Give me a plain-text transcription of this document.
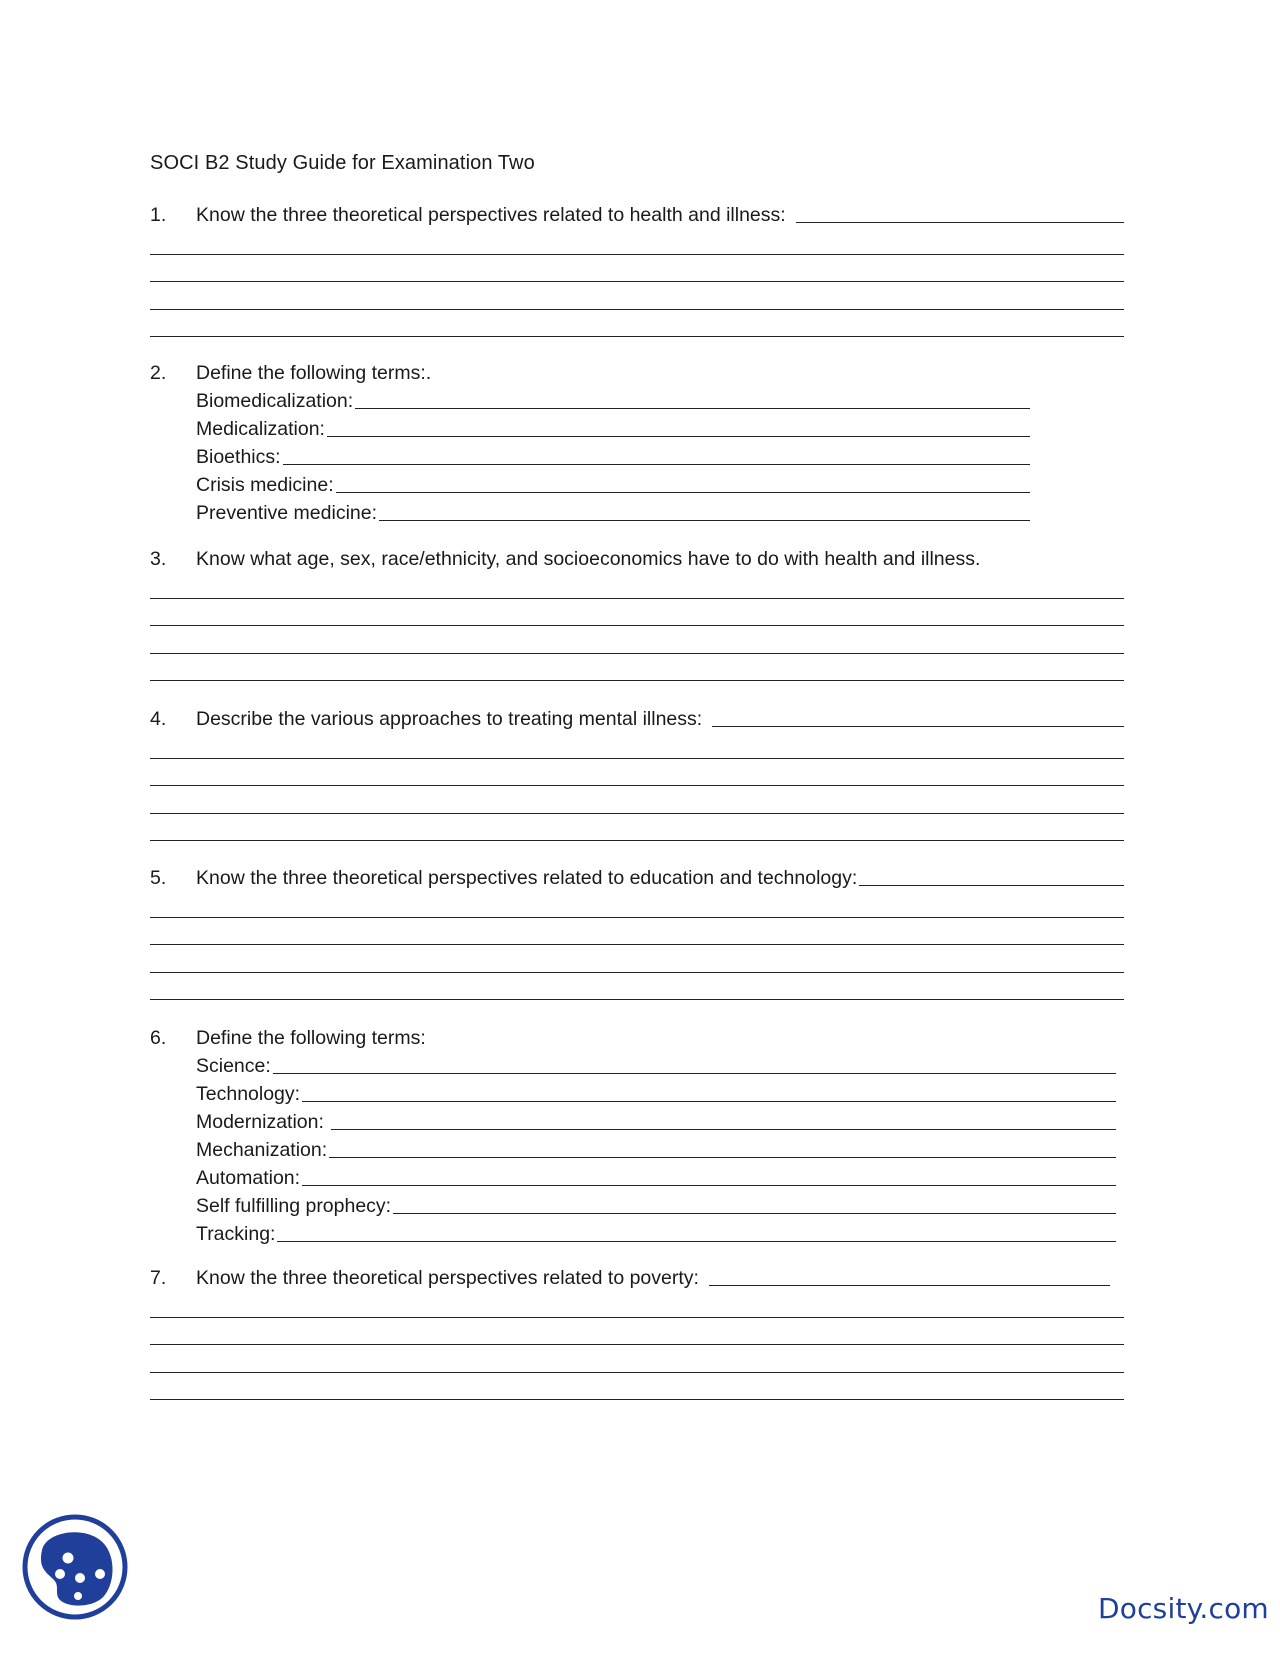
SOCI B2 Study Guide for Examination Two
1.	Know the three theoretical perspectives related to health and illness:
2.	Define the following terms:.
Biomedicalization:
Medicalization:
Bioethics:
Crisis medicine:
Preventive medicine:
3.	Know what age, sex, race/ethnicity, and socioeconomics have to do with health and illness.
4.	Describe the various approaches to treating mental illness:
5.	Know the three theoretical perspectives related to education and technology:
6.	Define the following terms:
Science:
Technology:
Modernization:
Mechanization:
Automation:
Self fulfilling prophecy:
Tracking:
7.	Know the three theoretical perspectives related to poverty:
Docsity.com
